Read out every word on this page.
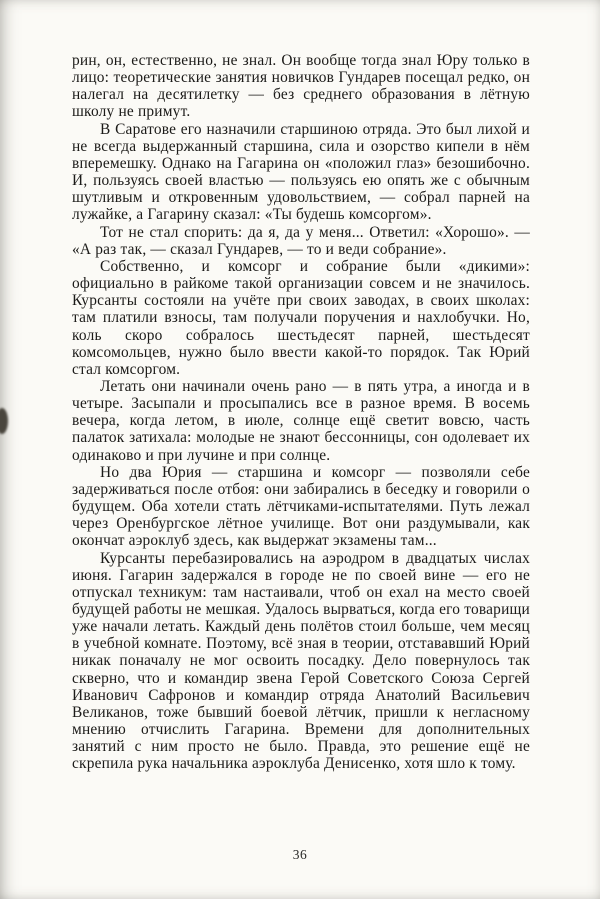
рин, он, естественно, не знал. Он вообще тогда знал Юру только в лицо: теоретические занятия новичков Гундарев посещал редко, он налегал на десятилетку — без среднего образования в лётную школу не примут.

В Саратове его назначили старшиною отряда. Это был лихой и не всегда выдержанный старшина, сила и озорство кипели в нём вперемешку. Однако на Гагарина он «положил глаз» безошибочно. И, пользуясь своей властью — пользуясь ею опять же с обычным шутливым и откровенным удовольствием, — собрал парней на лужайке, а Гагарину сказал: «Ты будешь комсоргом».

Тот не стал спорить: да я, да у меня... Ответил: «Хорошо». — «А раз так, — сказал Гундарев, — то и веди собрание».

Собственно, и комсорг и собрание были «дикими»: официально в райкоме такой организации совсем и не значилось. Курсанты состояли на учёте при своих заводах, в своих школах: там платили взносы, там получали поручения и нахлобучки. Но, коль скоро собралось шестьдесят парней, шестьдесят комсомольцев, нужно было ввести какой-то порядок. Так Юрий стал комсоргом.

Летать они начинали очень рано — в пять утра, а иногда и в четыре. Засыпали и просыпались все в разное время. В восемь вечера, когда летом, в июле, солнце ещё светит вовсю, часть палаток затихала: молодые не знают бессонницы, сон одолевает их одинаково и при лучине и при солнце.

Но два Юрия — старшина и комсорг — позволяли себе задерживаться после отбоя: они забирались в беседку и говорили о будущем. Оба хотели стать лётчиками-испытателями. Путь лежал через Оренбургское лётное училище. Вот они раздумывали, как окончат аэроклуб здесь, как выдержат экзамены там...

Курсанты перебазировались на аэродром в двадцатых числах июня. Гагарин задержался в городе не по своей вине — его не отпускал техникум: там настаивали, чтоб он ехал на место своей будущей работы не мешкая. Удалось вырваться, когда его товарищи уже начали летать. Каждый день полётов стоил больше, чем месяц в учебной комнате. Поэтому, всё зная в теории, отстававший Юрий никак поначалу не мог освоить посадку. Дело повернулось так скверно, что и командир звена Герой Советского Союза Сергей Иванович Сафронов и командир отряда Анатолий Васильевич Великанов, тоже бывший боевой лётчик, пришли к негласному мнению отчислить Гагарина. Времени для дополнительных занятий с ним просто не было. Правда, это решение ещё не скрепила рука начальника аэроклуба Денисенко, хотя шло к тому.

36
